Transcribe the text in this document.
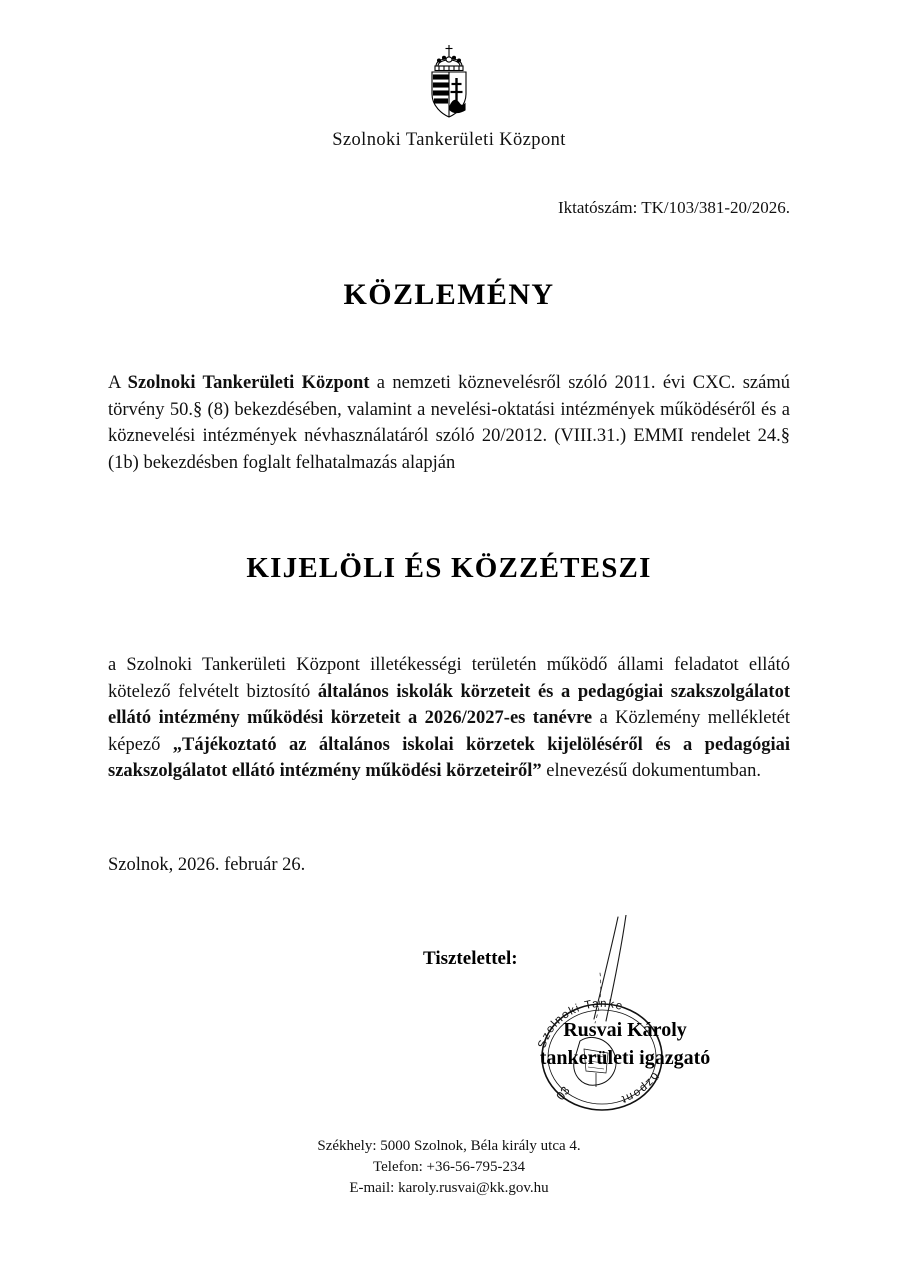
Szolnoki Tankerületi Központ
Iktatószám: TK/103/381-20/2026.
KÖZLEMÉNY
A Szolnoki Tankerületi Központ a nemzeti köznevelésről szóló 2011. évi CXC. számú törvény 50.§ (8) bekezdésében, valamint a nevelési-oktatási intézmények működéséről és a köznevelési intézmények névhasználatáról szóló 20/2012. (VIII.31.) EMMI rendelet 24.§ (1b) bekezdésben foglalt felhatalmazás alapján
KIJELÖLI ÉS KÖZZÉTESZI
a Szolnoki Tankerületi Központ illetékességi területén működő állami feladatot ellátó kötelező felvételt biztosító általános iskolák körzeteit és a pedagógiai szakszolgálatot ellátó intézmény működési körzeteit a 2026/2027-es tanévre a Közlemény mellékletét képező „Tájékoztató az általános iskolai körzetek kijelöléséről és a pedagógiai szakszolgálatot ellátó intézmény működési körzeteiről” elnevezésű dokumentumban.
Szolnok, 2026. február 26.
Tisztelettel:
Szolnoki Tanke
özpont
03
Rusvai Károly
tankerületi igazgató
Székhely: 5000 Szolnok, Béla király utca 4.
Telefon: +36-56-795-234
E-mail: karoly.rusvai@kk.gov.hu
